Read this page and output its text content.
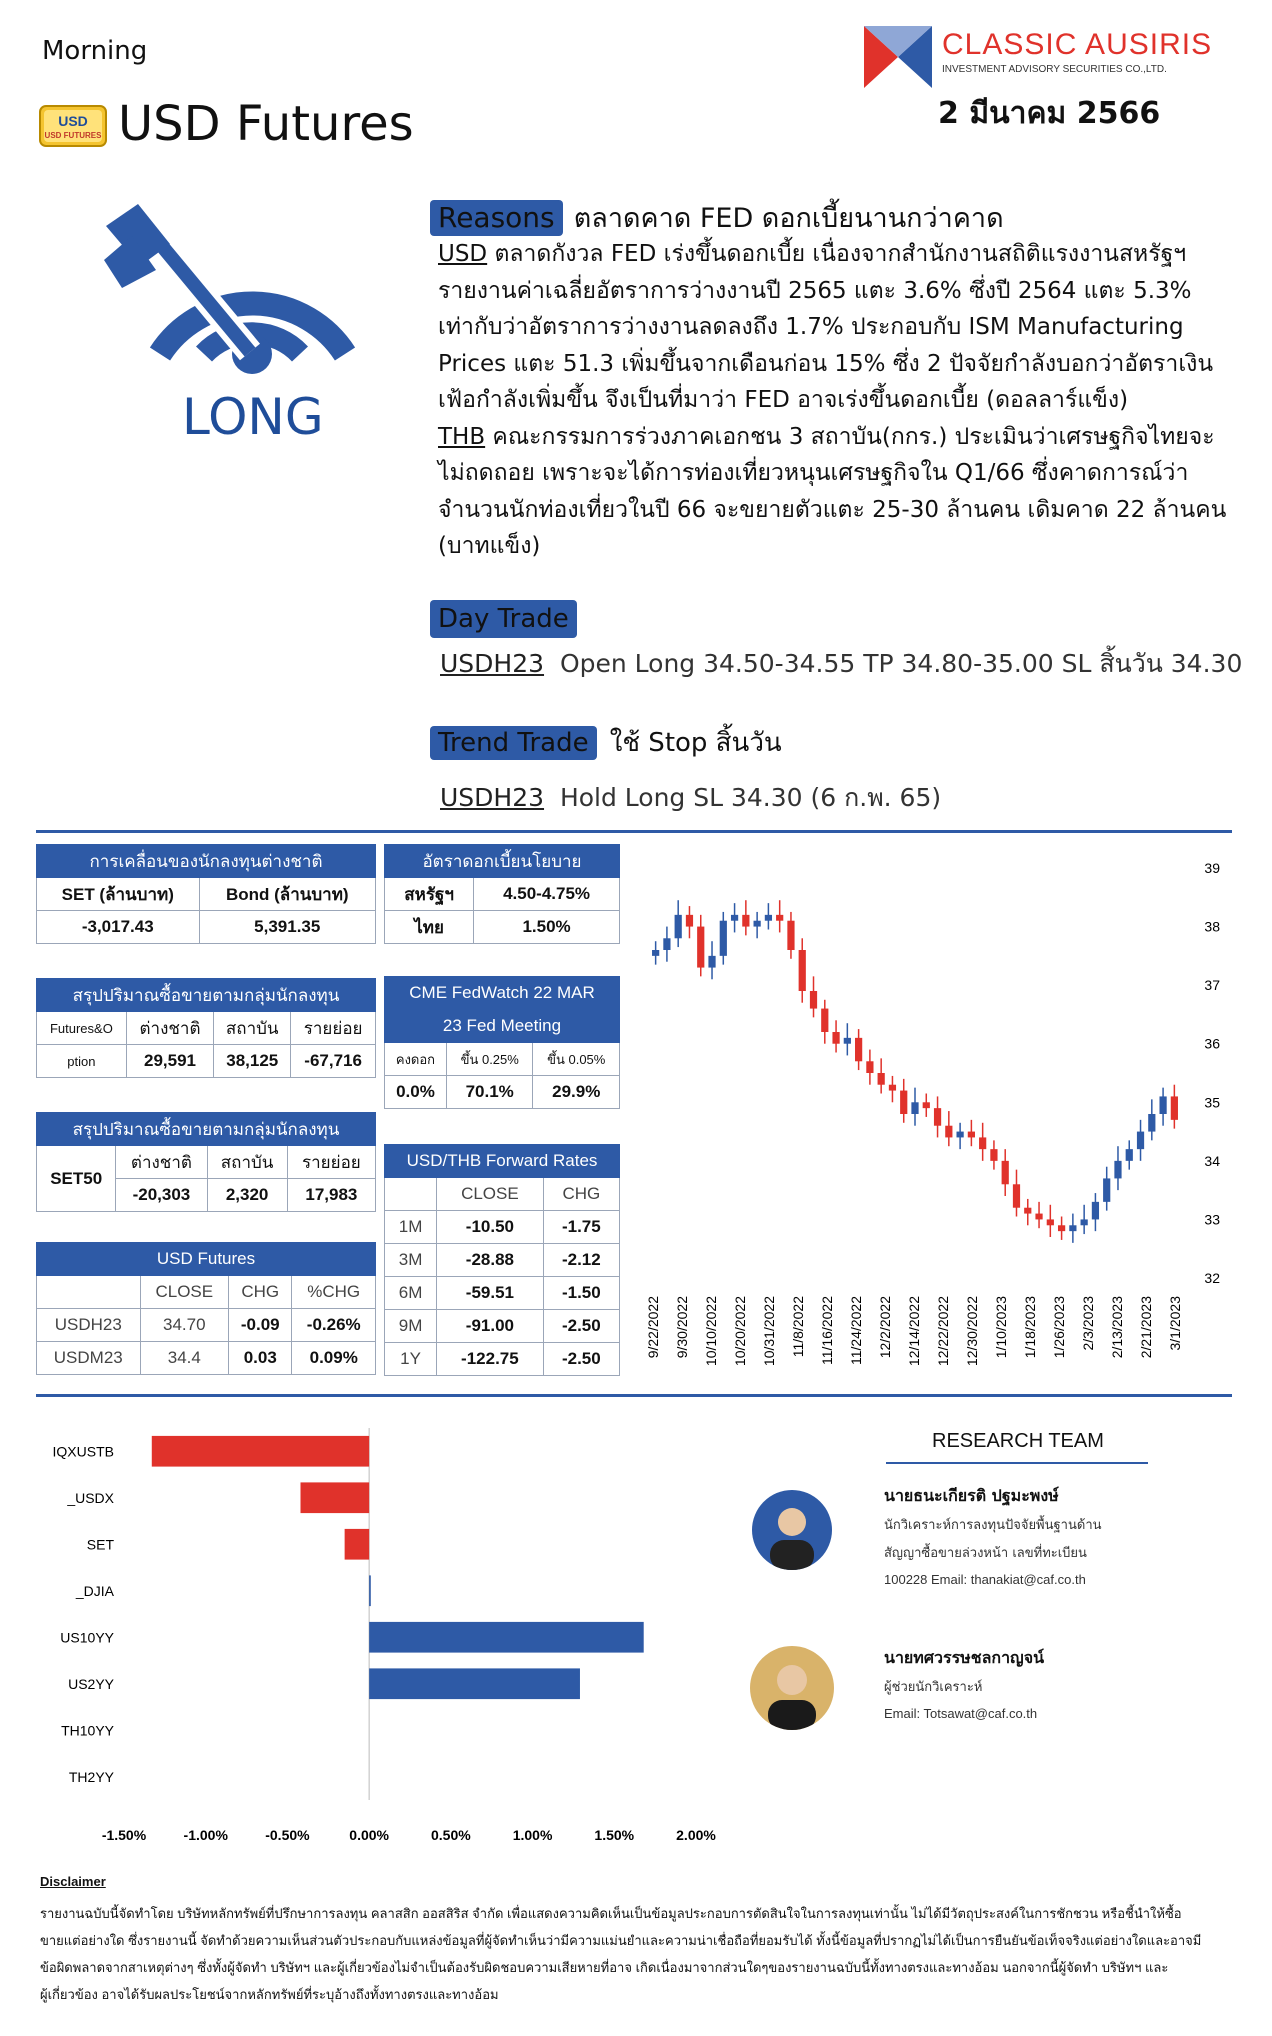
Morning
USD
USD FUTURES USD Futures
CLASSIC AUSIRIS
INVESTMENT ADVISORY SECURITIES CO.,LTD.
2 มีนาคม 2566
LONG
Reasons ตลาดคาด FED ดอกเบี้ยนานกว่าคาด
USD ตลาดกังวล FED เร่งขึ้นดอกเบี้ย เนื่องจากสำนักงานสถิติแรงงานสหรัฐฯ
รายงานค่าเฉลี่ยอัตราการว่างงานปี 2565 แตะ 3.6% ซึ่งปี 2564 แตะ 5.3%
เท่ากับว่าอัตราการว่างงานลดลงถึง 1.7% ประกอบกับ ISM Manufacturing
Prices แตะ 51.3 เพิ่มขึ้นจากเดือนก่อน 15% ซึ่ง 2 ปัจจัยกำลังบอกว่าอัตราเงิน
เฟ้อกำลังเพิ่มขึ้น จึงเป็นที่มาว่า FED อาจเร่งขึ้นดอกเบี้ย (ดอลลาร์แข็ง)
THB คณะกรรมการร่วงภาคเอกชน 3 สถาบัน(กกร.) ประเมินว่าเศรษฐกิจไทยจะ
ไม่ถดถอย เพราะจะได้การท่องเที่ยวหนุนเศรษฐกิจใน Q1/66 ซึ่งคาดการณ์ว่า
จำนวนนักท่องเที่ยวในปี 66 จะขยายตัวแตะ 25-30 ล้านคน เดิมคาด 22 ล้านคน
(บาทแข็ง)
Day Trade
USDH23 Open Long 34.50-34.55 TP 34.80-35.00 SL สิ้นวัน 34.30
Trend Trade ใช้ Stop สิ้นวัน
USDH23 Hold Long SL 34.30 (6 ก.พ. 65)
การเคลื่อนของนักลงทุนต่างชาติ	
SET (ล้านบาท)	Bond (ล้านบาท)
-3,017.43	5,391.35
อัตราดอกเบี้ยนโยบาย	
สหรัฐฯ	4.50-4.75%
ไทย	1.50%
สรุปปริมาณซื้อขายตามกลุ่มนักลงทุน			
Futures&O	ต่างชาติ	สถาบัน	รายย่อย
ption	29,591	38,125	-67,716
CME FedWatch 22 MAR		
23 Fed Meeting		
คงดอก	ขึ้น 0.25%	ขึ้น 0.05%
0.0%	70.1%	29.9%
สรุปปริมาณซื้อขายตามกลุ่มนักลงทุน			
SET50	ต่างชาติ	สถาบัน	รายย่อย
	-20,303	2,320	17,983
USD/THB Forward Rates		
	CLOSE	CHG
1M	-10.50	-1.75
3M	-28.88	-2.12
6M	-59.51	-1.50
9M	-91.00	-2.50
1Y	-122.75	-2.50
USD Futures			
	CLOSE	CHG	%CHG
USDH23	34.70	-0.09	-0.26%
USDM23	34.4	0.03	0.09%
39
38
37
36
35
34
33
32
9/22/2022 9/30/2022 10/10/2022 10/20/2022 10/31/2022 11/8/2022 11/16/2022 11/24/2022 12/2/2022 12/14/2022 12/22/2022 12/30/2022 1/10/2023 1/18/2023 1/26/2023 2/3/2023 2/13/2023 2/21/2023 3/1/2023
IQXUSTB
_USDX
SET
_DJIA
US10YY
US2YY
TH10YY
TH2YY
-1.50%	-1.00%	-0.50%	0.00%	0.50%	1.00%	1.50%	2.00%
RESEARCH TEAM
นายธนะเกียรติ ปฐมะพงษ์
นักวิเคราะห์การลงทุนปัจจัยพื้นฐานด้าน
สัญญาซื้อขายล่วงหน้า เลขที่ทะเบียน
100228 Email: thanakiat@caf.co.th
นายทศวรรษชลกาญจน์
ผู้ช่วยนักวิเคราะห์
Email: Totsawat@caf.co.th
Disclaimer
รายงานฉบับนี้จัดทำโดย บริษัทหลักทรัพย์ที่ปรึกษาการลงทุน คลาสสิก ออสสิริส จำกัด เพื่อแสดงความคิดเห็นเป็นข้อมูลประกอบการตัดสินใจในการลงทุนเท่านั้น ไม่ได้มีวัตถุประสงค์ในการชักชวน หรือชี้นำให้ซื้อ
ขายแต่อย่างใด ซึ่งรายงานนี้ จัดทำด้วยความเห็นส่วนตัวประกอบกับแหล่งข้อมูลที่ผู้จัดทำเห็นว่ามีความแม่นยำและความน่าเชื่อถือที่ยอมรับได้ ทั้งนี้ข้อมูลที่ปรากฏไม่ได้เป็นการยืนยันข้อเท็จจริงแต่อย่างใดและอาจมี
ข้อผิดพลาดจากสาเหตุต่างๆ ซึ่งทั้งผู้จัดทำ บริษัทฯ และผู้เกี่ยวข้องไม่จำเป็นต้องรับผิดชอบความเสียหายที่อาจ เกิดเนื่องมาจากส่วนใดๆของรายงานฉบับนี้ทั้งทางตรงและทางอ้อม นอกจากนี้ผู้จัดทำ บริษัทฯ และ
ผู้เกี่ยวข้อง อาจได้รับผลประโยชน์จากหลักทรัพย์ที่ระบุอ้างถึงทั้งทางตรงและทางอ้อม
